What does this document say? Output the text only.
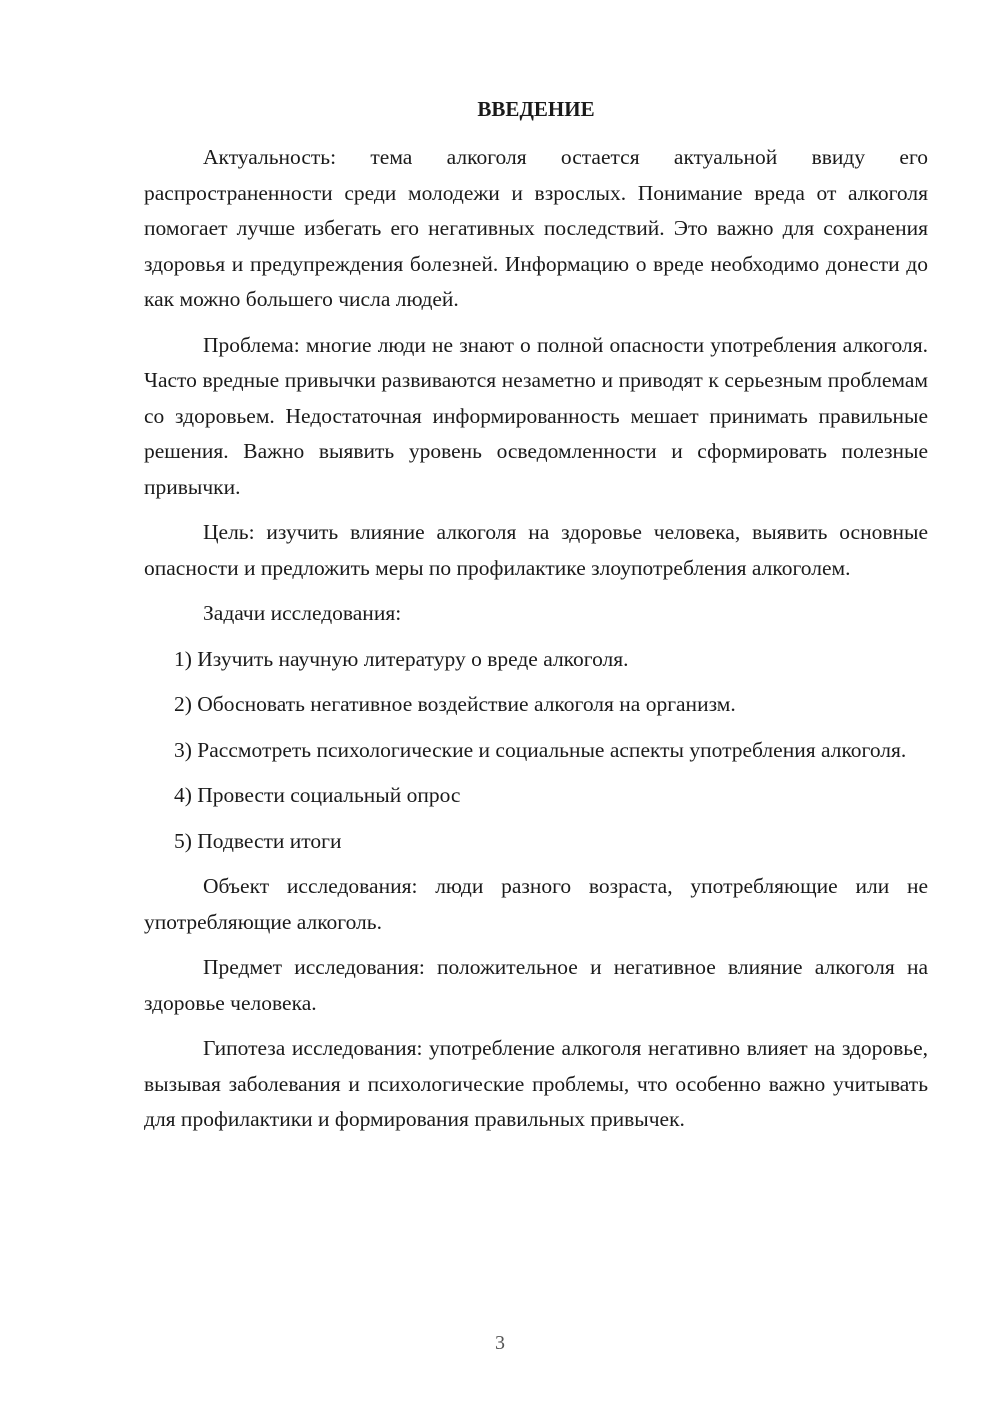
ВВЕДЕНИЕ

Актуальность: тема алкоголя остается актуальной ввиду его распространенности среди молодежи и взрослых. Понимание вреда от алкоголя помогает лучше избегать его негативных последствий. Это важно для сохранения здоровья и предупреждения болезней. Информацию о вреде необходимо донести до как можно большего числа людей.

Проблема: многие люди не знают о полной опасности употребления алкоголя. Часто вредные привычки развиваются незаметно и приводят к серьезным проблемам со здоровьем. Недостаточная информированность мешает принимать правильные решения. Важно выявить уровень осведомленности и сформировать полезные привычки.

Цель: изучить влияние алкоголя на здоровье человека, выявить основные опасности и предложить меры по профилактике злоупотребления алкоголем.

Задачи исследования:

1) Изучить научную литературу о вреде алкоголя.

2) Обосновать негативное воздействие алкоголя на организм.

3) Рассмотреть психологические и социальные аспекты употребления алкоголя.

4) Провести социальный опрос

5) Подвести итоги

Объект исследования: люди разного возраста, употребляющие или не употребляющие алкоголь.

Предмет исследования: положительное и негативное влияние алкоголя на здоровье человека.

Гипотеза исследования: употребление алкоголя негативно влияет на здоровье, вызывая заболевания и психологические проблемы, что особенно важно учитывать для профилактики и формирования правильных привычек.

3
